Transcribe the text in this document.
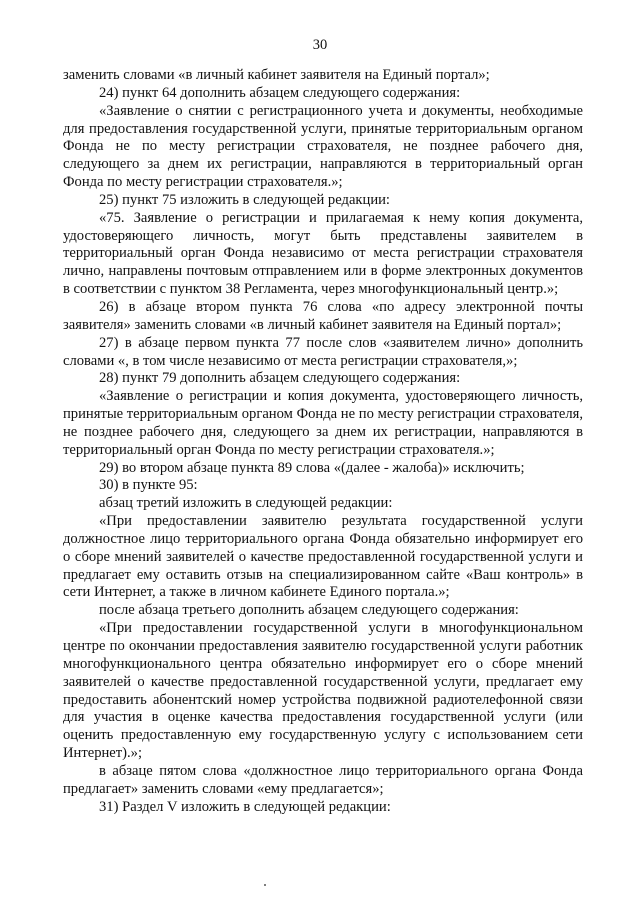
30

заменить словами «в личный кабинет заявителя на Единый портал»;

24) пункт 64 дополнить абзацем следующего содержания:

«Заявление о снятии с регистрационного учета и документы, необходимые для предоставления государственной услуги, принятые территориальным органом Фонда не по месту регистрации страхователя, не позднее рабочего дня, следующего за днем их регистрации, направляются в территориальный орган Фонда по месту регистрации страхователя.»;

25) пункт 75 изложить в следующей редакции:

«75. Заявление о регистрации и прилагаемая к нему копия документа, удостоверяющего личность, могут быть представлены заявителем в территориальный орган Фонда независимо от места регистрации страхователя лично, направлены почтовым отправлением или в форме электронных документов в соответствии с пунктом 38 Регламента, через многофункциональный центр.»;

26) в абзаце втором пункта 76 слова «по адресу электронной почты заявителя» заменить словами «в личный кабинет заявителя на Единый портал»;

27) в абзаце первом пункта 77 после слов «заявителем лично» дополнить словами «, в том числе независимо от места регистрации страхователя,»;

28) пункт 79 дополнить абзацем следующего содержания:

«Заявление о регистрации и копия документа, удостоверяющего личность, принятые территориальным органом Фонда не по месту регистрации страхователя, не позднее рабочего дня, следующего за днем их регистрации, направляются в территориальный орган Фонда по месту регистрации страхователя.»;

29) во втором абзаце пункта 89 слова «(далее - жалоба)» исключить;

30) в пункте 95:

абзац третий изложить в следующей редакции:

«При предоставлении заявителю результата государственной услуги должностное лицо территориального органа Фонда обязательно информирует его о сборе мнений заявителей о качестве предоставленной государственной услуги и предлагает ему оставить отзыв на специализированном сайте «Ваш контроль» в сети Интернет, а также в личном кабинете Единого портала.»;

после абзаца третьего дополнить абзацем следующего содержания:

«При предоставлении государственной услуги в многофункциональном центре по окончании предоставления заявителю государственной услуги работник многофункционального центра обязательно информирует его о сборе мнений заявителей о качестве предоставленной государственной услуги, предлагает ему предоставить абонентский номер устройства подвижной радиотелефонной связи для участия в оценке качества предоставления государственной услуги (или оценить предоставленную ему государственную услугу с использованием сети Интернет).»;

в абзаце пятом слова «должностное лицо территориального органа Фонда предлагает» заменить словами «ему предлагается»;

31) Раздел V изложить в следующей редакции:
